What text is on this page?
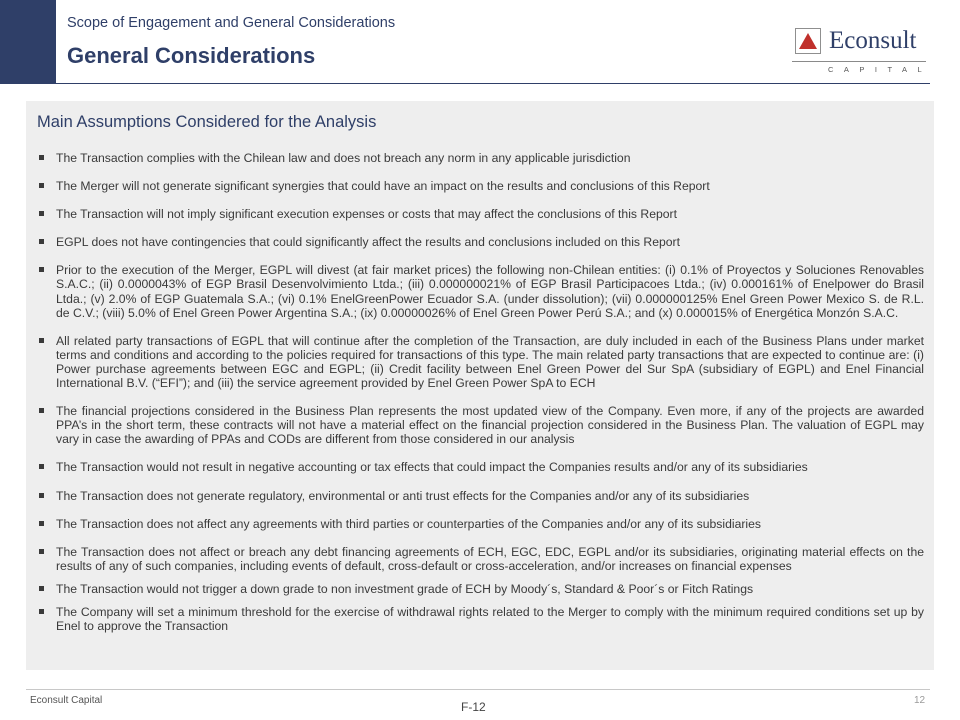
Scope of Engagement and General Considerations
General Considerations
Econsult
CAPITAL
Main Assumptions Considered for the Analysis
The Transaction complies with the Chilean law and does not breach any norm in any applicable jurisdiction
The Merger will not generate significant synergies that could have an impact on the results and conclusions of this Report
The Transaction will not imply significant execution expenses or costs that may affect the conclusions of this Report
EGPL does not have contingencies that could significantly affect the results and conclusions included on this Report
Prior to the execution of the Merger, EGPL will divest (at fair market prices) the following non-Chilean entities: (i) 0.1% of Proyectos y Soluciones Renovables S.A.C.; (ii) 0.0000043% of EGP Brasil Desenvolvimiento Ltda.; (iii) 0.000000021% of EGP Brasil Participacoes Ltda.; (iv) 0.000161% of Enelpower do Brasil Ltda.; (v) 2.0% of EGP Guatemala S.A.; (vi) 0.1% EnelGreenPower Ecuador S.A. (under dissolution); (vii) 0.000000125% Enel Green Power Mexico S. de R.L. de C.V.; (viii) 5.0% of Enel Green Power Argentina S.A.; (ix) 0.00000026% of Enel Green Power Perú S.A.; and (x) 0.000015% of Energética Monzón S.A.C.
All related party transactions of EGPL that will continue after the completion of the Transaction, are duly included in each of the Business Plans under market terms and conditions and according to the policies required for transactions of this type. The main related party transactions that are expected to continue are: (i) Power purchase agreements between EGC and EGPL; (ii) Credit facility between Enel Green Power del Sur SpA (subsidiary of EGPL) and Enel Financial International B.V. (“EFI”); and (iii) the service agreement provided by Enel Green Power SpA to ECH
The financial projections considered in the Business Plan represents the most updated view of the Company. Even more, if any of the projects are awarded PPA’s in the short term, these contracts will not have a material effect on the financial projection considered in the Business Plan. The valuation of EGPL may vary in case the awarding of PPAs and CODs are different from those considered in our analysis
The Transaction would not result in negative accounting or tax effects that could impact the Companies results and/or any of its subsidiaries
The Transaction does not generate regulatory, environmental or anti trust effects for the Companies and/or any of its subsidiaries
The Transaction does not affect any agreements with third parties or counterparties of the Companies and/or any of its subsidiaries
The Transaction does not affect or breach any debt financing agreements of ECH, EGC, EDC, EGPL and/or its subsidiaries, originating material effects on the results of any of such companies, including events of default, cross-default or cross-acceleration, and/or increases on financial expenses
The Transaction would not trigger a down grade to non investment grade of ECH by Moody´s, Standard & Poor´s or Fitch Ratings
The Company will set a minimum threshold for the exercise of withdrawal rights related to the Merger to comply with the minimum required conditions set up by Enel to approve the Transaction
Econsult Capital	F-12	12
